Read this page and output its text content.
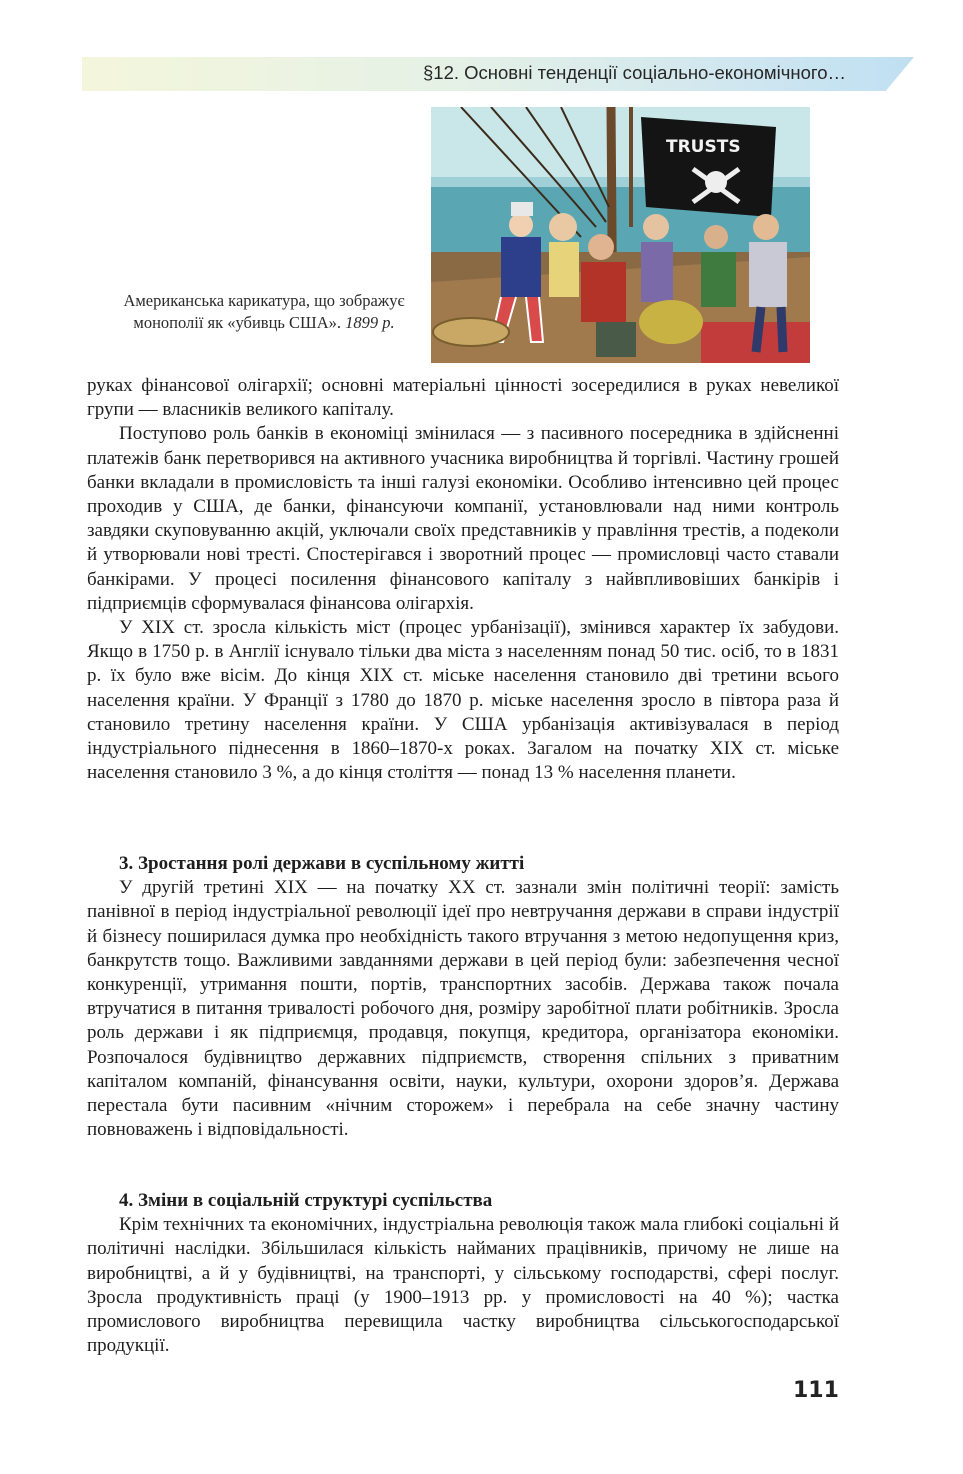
§12. Основні тенденції соціально-економічного…
TRUSTS
Американська карикатура, що зображує монополії як «убивць США». 1899 р.

руках фінансової олігархії; основні матеріальні цінності зосередилися в руках невеликої групи — власників великого капіталу.

Поступово роль банків в економіці змінилася — з пасивного посередника в здійсненні платежів банк перетворився на активного учасника виробництва й торгівлі. Частину грошей банки вкладали в промисловість та інші галузі економіки. Особливо інтенсивно цей процес проходив у США, де банки, фінансуючи компанії, установлювали над ними контроль завдяки скуповуванню акцій, уключали своїх представників у правління трестів, а подеколи й утворювали нові тресті. Спостерігався і зворотний процес — промисловці часто ставали банкірами. У процесі посилення фінансового капіталу з найвпливовіших банкірів і підприємців сформувалася фінансова олігархія.

У XIX ст. зросла кількість міст (процес урбанізації), змінився характер їх забудови. Якщо в 1750 р. в Англії існувало тільки два міста з населенням понад 50 тис. осіб, то в 1831 р. їх було вже вісім. До кінця XIX ст. міське населення становило дві третини всього населення країни. У Франції з 1780 до 1870 р. міське населення зросло в півтора раза й становило третину населення країни. У США урбанізація активізувалася в період індустріального піднесення в 1860–1870-х роках. Загалом на початку XIX ст. міське населення становило 3 %, а до кінця століття — понад 13 % населення планети.

3. Зростання ролі держави в суспільному житті

У другій третині XIX — на початку XX ст. зазнали змін політичні теорії: замість панівної в період індустріальної революції ідеї про невтручання держави в справи індустрії й бізнесу поширилася думка про необхідність такого втручання з метою недопущення криз, банкрутств тощо. Важливими завданнями держави в цей період були: забезпечення чесної конкуренції, утримання пошти, портів, транспортних засобів. Держава також почала втручатися в питання тривалості робочого дня, розміру заробітної плати робітників. Зросла роль держави і як підприємця, продавця, покупця, кредитора, організатора економіки. Розпочалося будівництво державних підприємств, створення спільних з приватним капіталом компаній, фінансування освіти, науки, культури, охорони здоров’я. Держава перестала бути пасивним «нічним сторожем» і перебрала на себе значну частину повноважень і відповідальності.

4. Зміни в соціальній структурі суспільства

Крім технічних та економічних, індустріальна революція також мала глибокі соціальні й політичні наслідки. Збільшилася кількість найманих працівників, причому не лише на виробництві, а й у будівництві, на транспорті, у сільському господарстві, сфері послуг. Зросла продуктивність праці (у 1900–1913 рр. у промисловості на 40 %); частка промислового виробництва перевищила частку виробництва сільськогосподарської продукції.

111
